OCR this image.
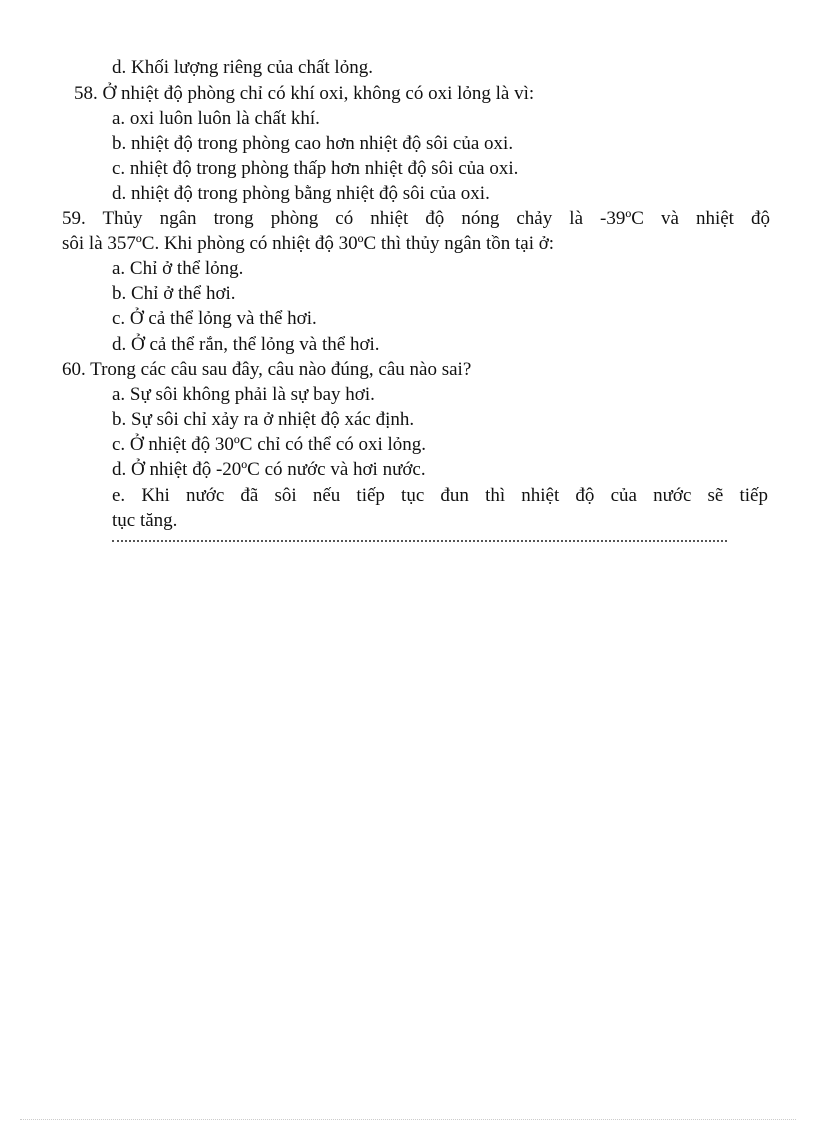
d. Khối lượng riêng của chất lỏng.
58. Ở nhiệt độ phòng chỉ có khí oxi, không có oxi lỏng là vì:
a. oxi luôn luôn là chất khí.
b. nhiệt độ trong phòng cao hơn nhiệt độ sôi của oxi.
c. nhiệt độ trong phòng thấp hơn nhiệt độ sôi của oxi.
d. nhiệt độ trong phòng bằng nhiệt độ sôi của oxi.
59. Thủy ngân trong phòng có nhiệt độ nóng chảy là -39ºC và nhiệt độ
sôi là 357ºC. Khi phòng có nhiệt độ 30ºC thì thủy ngân tồn tại ở:
a. Chỉ ở thể lỏng.
b. Chỉ ở thể hơi.
c. Ở cả thể lỏng và thể hơi.
d. Ở cả thể rắn, thể lỏng và thể hơi.
60. Trong các câu sau đây, câu nào đúng, câu nào sai?
a. Sự sôi không phải là sự bay hơi.
b. Sự sôi chỉ xảy ra ở nhiệt độ xác định.
c. Ở nhiệt độ 30ºC chỉ có thể có oxi lỏng.
d. Ở nhiệt độ -20ºC có nước và hơi nước.
e. Khi nước đã sôi nếu tiếp tục đun thì nhiệt độ của nước sẽ tiếp
tục tăng.
